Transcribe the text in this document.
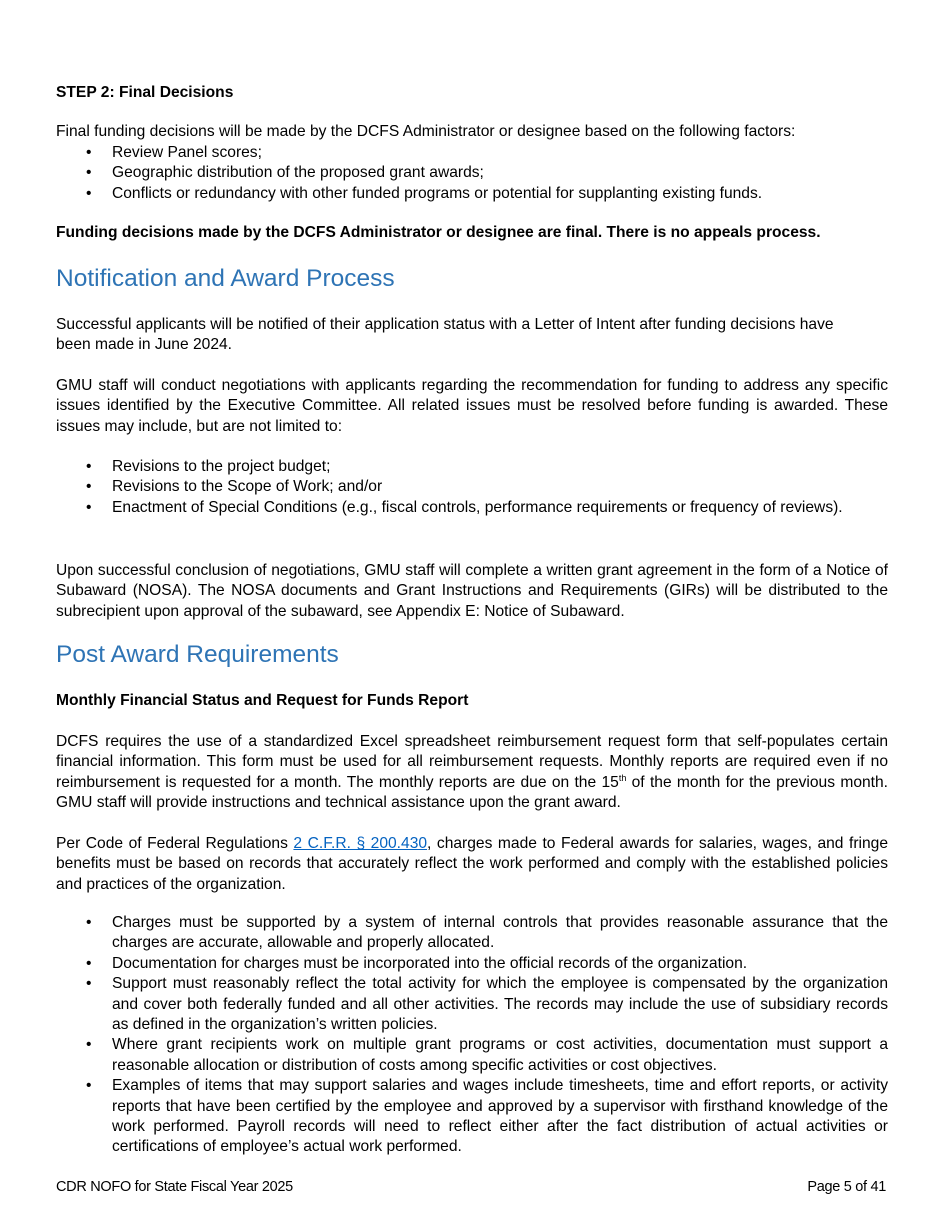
STEP 2: Final Decisions

Final funding decisions will be made by the DCFS Administrator or designee based on the following factors:

• Review Panel scores;
• Geographic distribution of the proposed grant awards;
• Conflicts or redundancy with other funded programs or potential for supplanting existing funds.

Funding decisions made by the DCFS Administrator or designee are final. There is no appeals process.

Notification and Award Process

Successful applicants will be notified of their application status with a Letter of Intent after funding decisions have been made in June 2024.

GMU staff will conduct negotiations with applicants regarding the recommendation for funding to address any specific issues identified by the Executive Committee. All related issues must be resolved before funding is awarded. These issues may include, but are not limited to:

• Revisions to the project budget;
• Revisions to the Scope of Work; and/or
• Enactment of Special Conditions (e.g., fiscal controls, performance requirements or frequency of reviews).

Upon successful conclusion of negotiations, GMU staff will complete a written grant agreement in the form of a Notice of Subaward (NOSA). The NOSA documents and Grant Instructions and Requirements (GIRs) will be distributed to the subrecipient upon approval of the subaward, see Appendix E: Notice of Subaward.

Post Award Requirements

Monthly Financial Status and Request for Funds Report

DCFS requires the use of a standardized Excel spreadsheet reimbursement request form that self-populates certain financial information. This form must be used for all reimbursement requests. Monthly reports are required even if no reimbursement is requested for a month. The monthly reports are due on the 15th of the month for the previous month. GMU staff will provide instructions and technical assistance upon the grant award.

Per Code of Federal Regulations 2 C.F.R. § 200.430, charges made to Federal awards for salaries, wages, and fringe benefits must be based on records that accurately reflect the work performed and comply with the established policies and practices of the organization.

• Charges must be supported by a system of internal controls that provides reasonable assurance that the charges are accurate, allowable and properly allocated.
• Documentation for charges must be incorporated into the official records of the organization.
• Support must reasonably reflect the total activity for which the employee is compensated by the organization and cover both federally funded and all other activities. The records may include the use of subsidiary records as defined in the organization’s written policies.
• Where grant recipients work on multiple grant programs or cost activities, documentation must support a reasonable allocation or distribution of costs among specific activities or cost objectives.
• Examples of items that may support salaries and wages include timesheets, time and effort reports, or activity reports that have been certified by the employee and approved by a supervisor with firsthand knowledge of the work performed. Payroll records will need to reflect either after the fact distribution of actual activities or certifications of employee’s actual work performed.
CDR NOFO for State Fiscal Year 2025	Page 5 of 41
